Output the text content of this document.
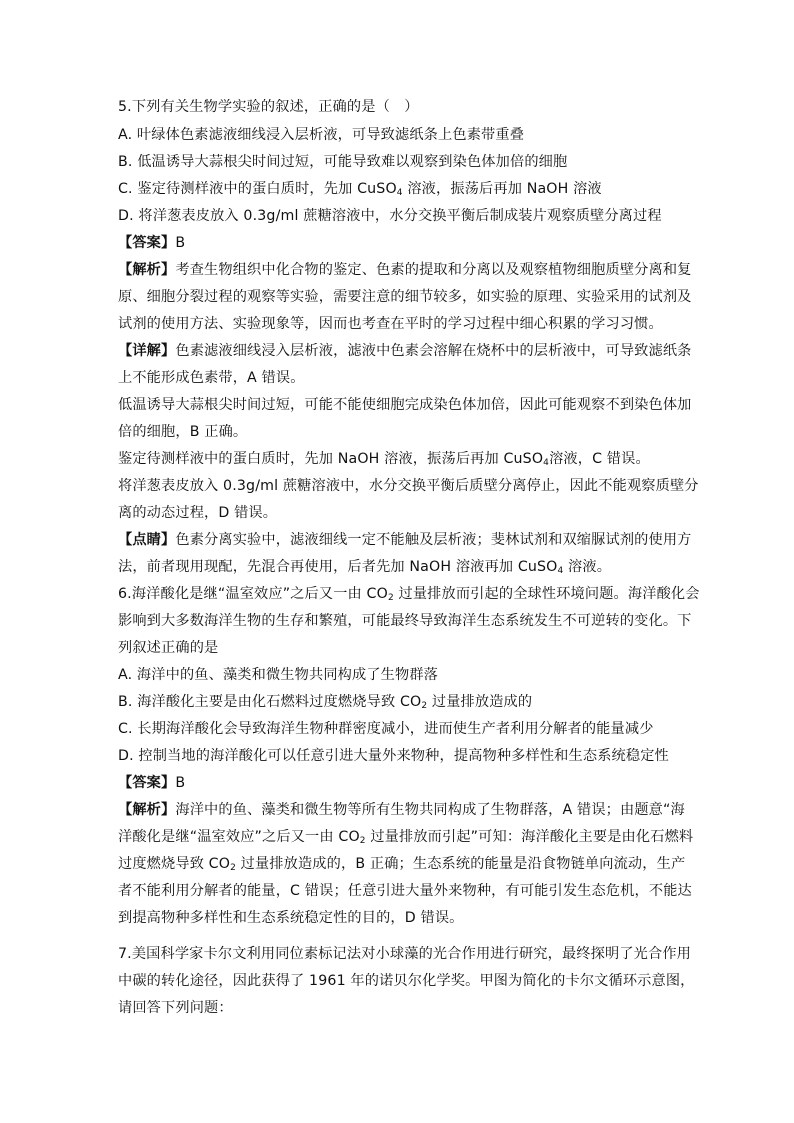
5.下列有关生物学实验的叙述，正确的是（　）
A. 叶绿体色素滤液细线浸入层析液，可导致滤纸条上色素带重叠
B. 低温诱导大蒜根尖时间过短，可能导致难以观察到染色体加倍的细胞
C. 鉴定待测样液中的蛋白质时，先加 CuSO$_4$ 溶液，振荡后再加 NaOH 溶液
D. 将洋葱表皮放入 0.3g/ml 蔗糖溶液中，水分交换平衡后制成装片观察质壁分离过程
【答案】B
【解析】考查生物组织中化合物的鉴定、色素的提取和分离以及观察植物细胞质壁分离和复
原、细胞分裂过程的观察等实验，需要注意的细节较多，如实验的原理、实验采用的试剂及
试剂的使用方法、实验现象等，因而也考查在平时的学习过程中细心积累的学习习惯。
【详解】色素滤液细线浸入层析液，滤液中色素会溶解在烧杯中的层析液中，可导致滤纸条
上不能形成色素带，A 错误。
低温诱导大蒜根尖时间过短，可能不能使细胞完成染色体加倍，因此可能观察不到染色体加
倍的细胞，B 正确。
鉴定待测样液中的蛋白质时，先加 NaOH 溶液，振荡后再加 CuSO$_4$溶液，C 错误。
将洋葱表皮放入 0.3g/ml 蔗糖溶液中，水分交换平衡后质壁分离停止，因此不能观察质壁分
离的动态过程，D 错误。
【点睛】色素分离实验中，滤液细线一定不能触及层析液；斐林试剂和双缩脲试剂的使用方
法，前者现用现配，先混合再使用，后者先加 NaOH 溶液再加 CuSO$_4$ 溶液。
6.海洋酸化是继“温室效应”之后又一由 $CO_2$ 过量排放而引起的全球性环境问题。海洋酸化会
影响到大多数海洋生物的生存和繁殖，可能最终导致海洋生态系统发生不可逆转的变化。下
列叙述正确的是
A. 海洋中的鱼、藻类和微生物共同构成了生物群落
B. 海洋酸化主要是由化石燃料过度燃烧导致 $CO_2$ 过量排放造成的
C. 长期海洋酸化会导致海洋生物种群密度减小，进而使生产者利用分解者的能量减少
D. 控制当地的海洋酸化可以任意引进大量外来物种，提高物种多样性和生态系统稳定性
【答案】B
【解析】海洋中的鱼、藻类和微生物等所有生物共同构成了生物群落，A 错误；由题意“海
洋酸化是继“温室效应”之后又一由 $CO_2$ 过量排放而引起”可知：海洋酸化主要是由化石燃料
过度燃烧导致 $CO_2$ 过量排放造成的，B 正确；生态系统的能量是沿食物链单向流动，生产
者不能利用分解者的能量，C 错误；任意引进大量外来物种，有可能引发生态危机，不能达
到提高物种多样性和生态系统稳定性的目的，D 错误。
7.美国科学家卡尔文利用同位素标记法对小球藻的光合作用进行研究，最终探明了光合作用
中碳的转化途径，因此获得了 1961 年的诺贝尔化学奖。甲图为简化的卡尔文循环示意图，
请回答下列问题：
